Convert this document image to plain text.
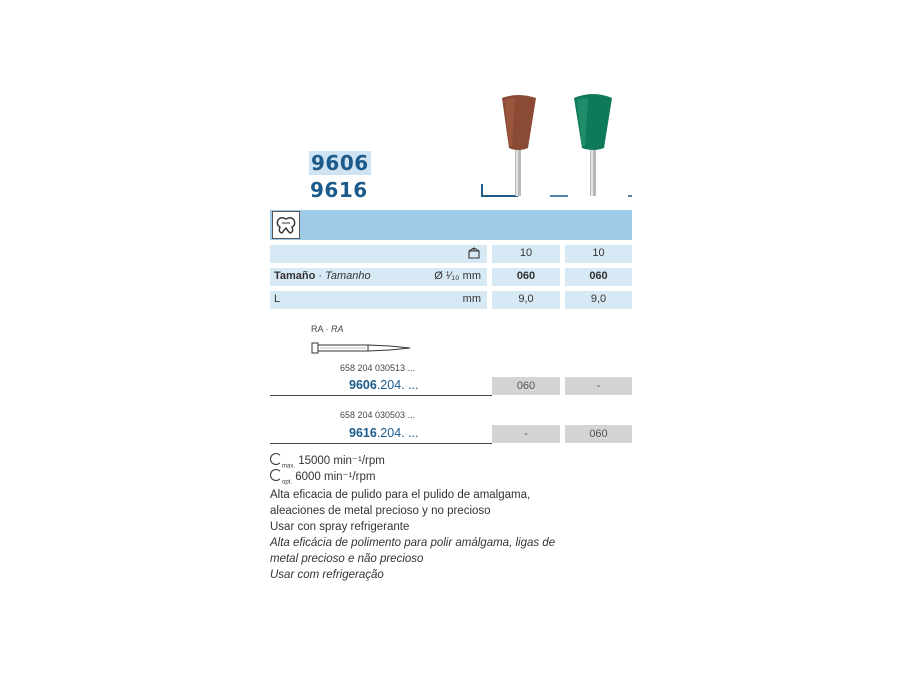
9606
9616
10	10
Tamaño · Tamanho	Ø ¹⁄₁₀ mm	060	060
L	mm	9,0	9,0
RA · RA
658 204 030513 ...
9606.204. ...	060	-
658 204 030503 ...
9616.204. ...	-	060
$_{max.}$ 15000 min⁻¹/rpm
$_{opt.}$ 6000 min⁻¹/rpm
Alta eficacia de pulido para el pulido de amalgama,
aleaciones de metal precioso y no precioso
Usar con spray refrigerante
Alta eficácia de polimento para polir amálgama, ligas de
metal precioso e não precioso
Usar com refrigeração
